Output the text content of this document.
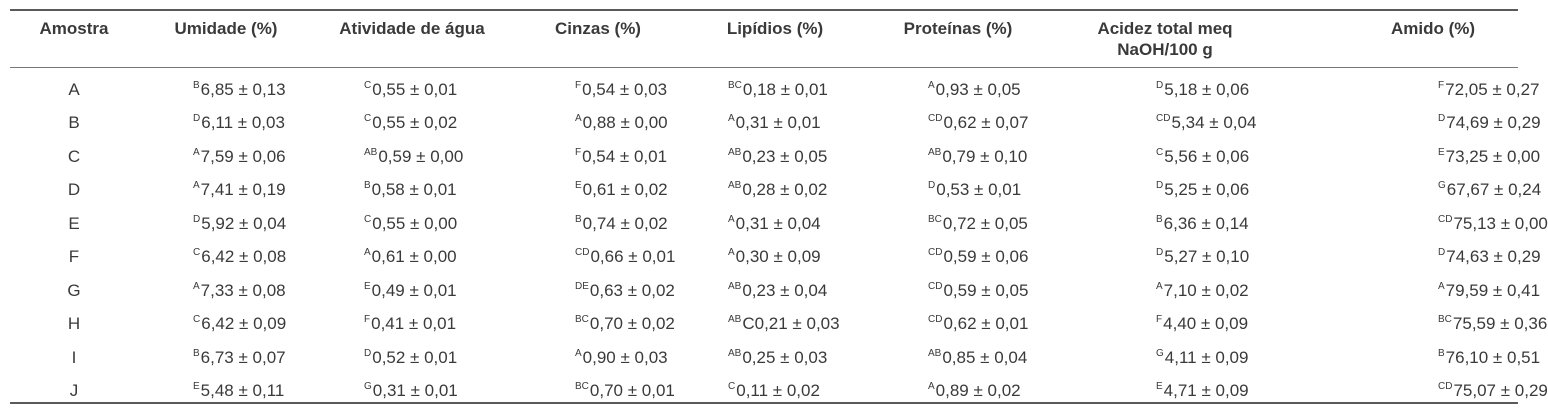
Amostra	Umidade (%)	Atividade de água	Cinzas (%)	Lipídios (%)	Proteínas (%)	Acidez total meq NaOH/100 g	Amido (%)
A	$^B$6,85 ± 0,13	$^C$0,55 ± 0,01	$^F$0,54 ± 0,03	$^{BC}$0,18 ± 0,01	$^A$0,93 ± 0,05	$^D$5,18 ± 0,06	$^F$72,05 ± 0,27
B	$^D$6,11 ± 0,03	$^C$0,55 ± 0,02	$^A$0,88 ± 0,00	$^A$0,31 ± 0,01	$^{CD}$0,62 ± 0,07	$^{CD}$5,34 ± 0,04	$^D$74,69 ± 0,29
C	$^A$7,59 ± 0,06	$^{AB}$0,59 ± 0,00	$^F$0,54 ± 0,01	$^{AB}$0,23 ± 0,05	$^{AB}$0,79 ± 0,10	$^C$5,56 ± 0,06	$^E$73,25 ± 0,00
D	$^A$7,41 ± 0,19	$^B$0,58 ± 0,01	$^E$0,61 ± 0,02	$^{AB}$0,28 ± 0,02	$^D$0,53 ± 0,01	$^D$5,25 ± 0,06	$^G$67,67 ± 0,24
E	$^D$5,92 ± 0,04	$^C$0,55 ± 0,00	$^B$0,74 ± 0,02	$^A$0,31 ± 0,04	$^{BC}$0,72 ± 0,05	$^B$6,36 ± 0,14	$^{CD}$75,13 ± 0,00
F	$^C$6,42 ± 0,08	$^A$0,61 ± 0,00	$^{CD}$0,66 ± 0,01	$^A$0,30 ± 0,09	$^{CD}$0,59 ± 0,06	$^D$5,27 ± 0,10	$^D$74,63 ± 0,29
G	$^A$7,33 ± 0,08	$^E$0,49 ± 0,01	$^{DE}$0,63 ± 0,02	$^{AB}$0,23 ± 0,04	$^{CD}$0,59 ± 0,05	$^A$7,10 ± 0,02	$^A$79,59 ± 0,41
H	$^C$6,42 ± 0,09	$^F$0,41 ± 0,01	$^{BC}$0,70 ± 0,02	$^{AB}$C0,21 ± 0,03	$^{CD}$0,62 ± 0,01	$^F$4,40 ± 0,09	$^{BC}$75,59 ± 0,36
I	$^B$6,73 ± 0,07	$^D$0,52 ± 0,01	$^A$0,90 ± 0,03	$^{AB}$0,25 ± 0,03	$^{AB}$0,85 ± 0,04	$^G$4,11 ± 0,09	$^B$76,10 ± 0,51
J	$^E$5,48 ± 0,11	$^G$0,31 ± 0,01	$^{BC}$0,70 ± 0,01	$^C$0,11 ± 0,02	$^A$0,89 ± 0,02	$^E$4,71 ± 0,09	$^{CD}$75,07 ± 0,29
